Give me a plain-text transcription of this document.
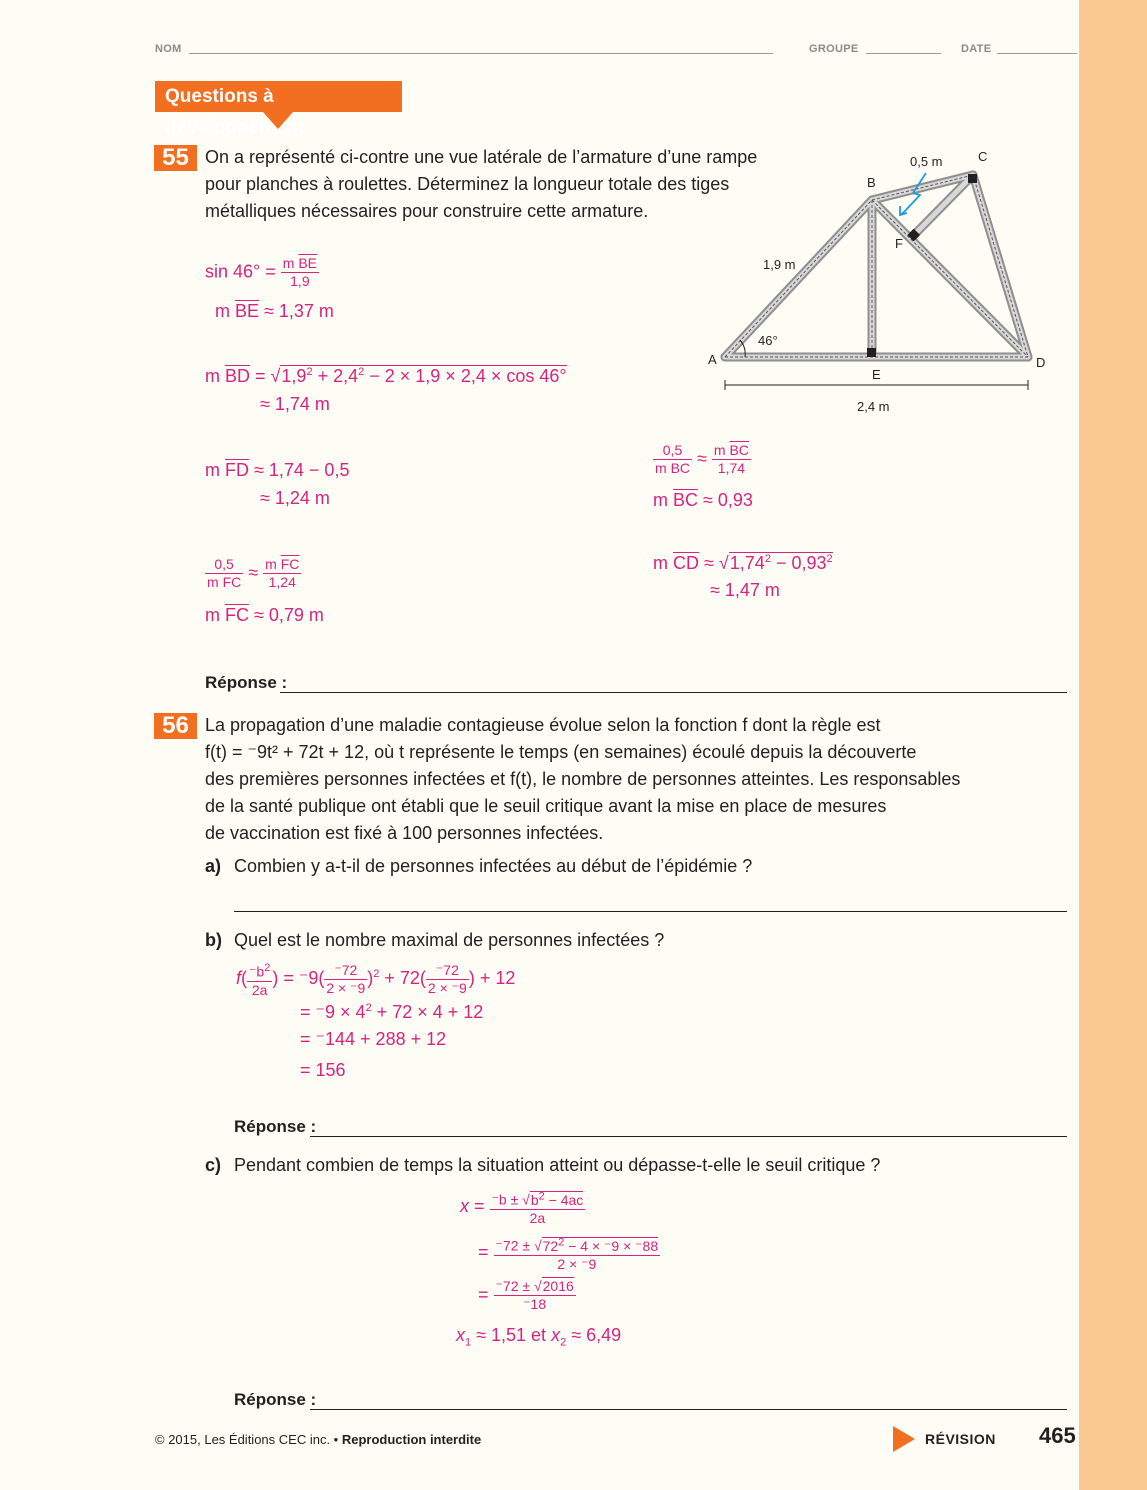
NOM	GROUPE	DATE
Questions à développement
55 On a représenté ci-contre une vue latérale de l’armature d’une rampe
pour planches à roulettes. Déterminez la longueur totale des tiges
métalliques nécessaires pour construire cette armature.
A
B
C
D
E
F
1,9 m
0,5 m
2,4 m
46°
$\sin 46^\circ = \frac{m \overline{BE}}{1,9}$
m $\overline{BE} \approx 1,37$ m
m $\overline{BD} = √1,9^2 + 2,4^2 - 2 \times 1,9 \times 2,4 \times \cos 46^\circ$
≈ 1,74 m
m $\overline{FD} \approx 1,74 - 0,5$
≈ 1,24 m
$\frac{0,5}{m \overline{FC}} \approx \frac{m \overline{FC}}{1,24}$
m $\overline{FC} \approx 0,79$ m
$\frac{0,5}{m \overline{BC}} \approx \frac{m \overline{BC}}{1,74}$
m $\overline{BC} \approx 0,93$
m $\overline{CD} \approx √1,74^2 - 0,93^2$
≈ 1,47 m
Réponse :
56 La propagation d’une maladie contagieuse évolue selon la fonction f dont la règle est
f(t) = ⁻9t² + 72t + 12, où t représente le temps (en semaines) écoulé depuis la découverte
des premières personnes infectées et f(t), le nombre de personnes atteintes. Les responsables
de la santé publique ont établi que le seuil critique avant la mise en place de mesures
de vaccination est fixé à 100 personnes infectées.
a) Combien y a-t-il de personnes infectées au début de l’épidémie ?
b) Quel est le nombre maximal de personnes infectées ?
$f( \frac{^-b^2}{2a}$ ) = $^-9( \frac{^-72}{2 \times ^-9} )^2 + 72( \frac{^-72}{2 \times ^-9}$ ) + 12
= $^-9 \times 4^2 + 72 \times 4 + 12$
= ⁻144 + 288 + 12
= 156
Réponse :
c) Pendant combien de temps la situation atteint ou dépasse-t-elle le seuil critique ?
$x = \frac{^-b \pm √b^2 - 4ac}{2a}$
= $\frac{^-72 \pm √72^2 - 4 \times ^-9 \times ^-88}{2 \times ^-9}$
= $\frac{^-72 \pm √2016}{^-18}$
$x_1 \approx 1,51$ et $x_2 \approx 6,49$
Réponse :
© 2015, Les Éditions CEC inc. • Reproduction interdite	RÉVISION 465
